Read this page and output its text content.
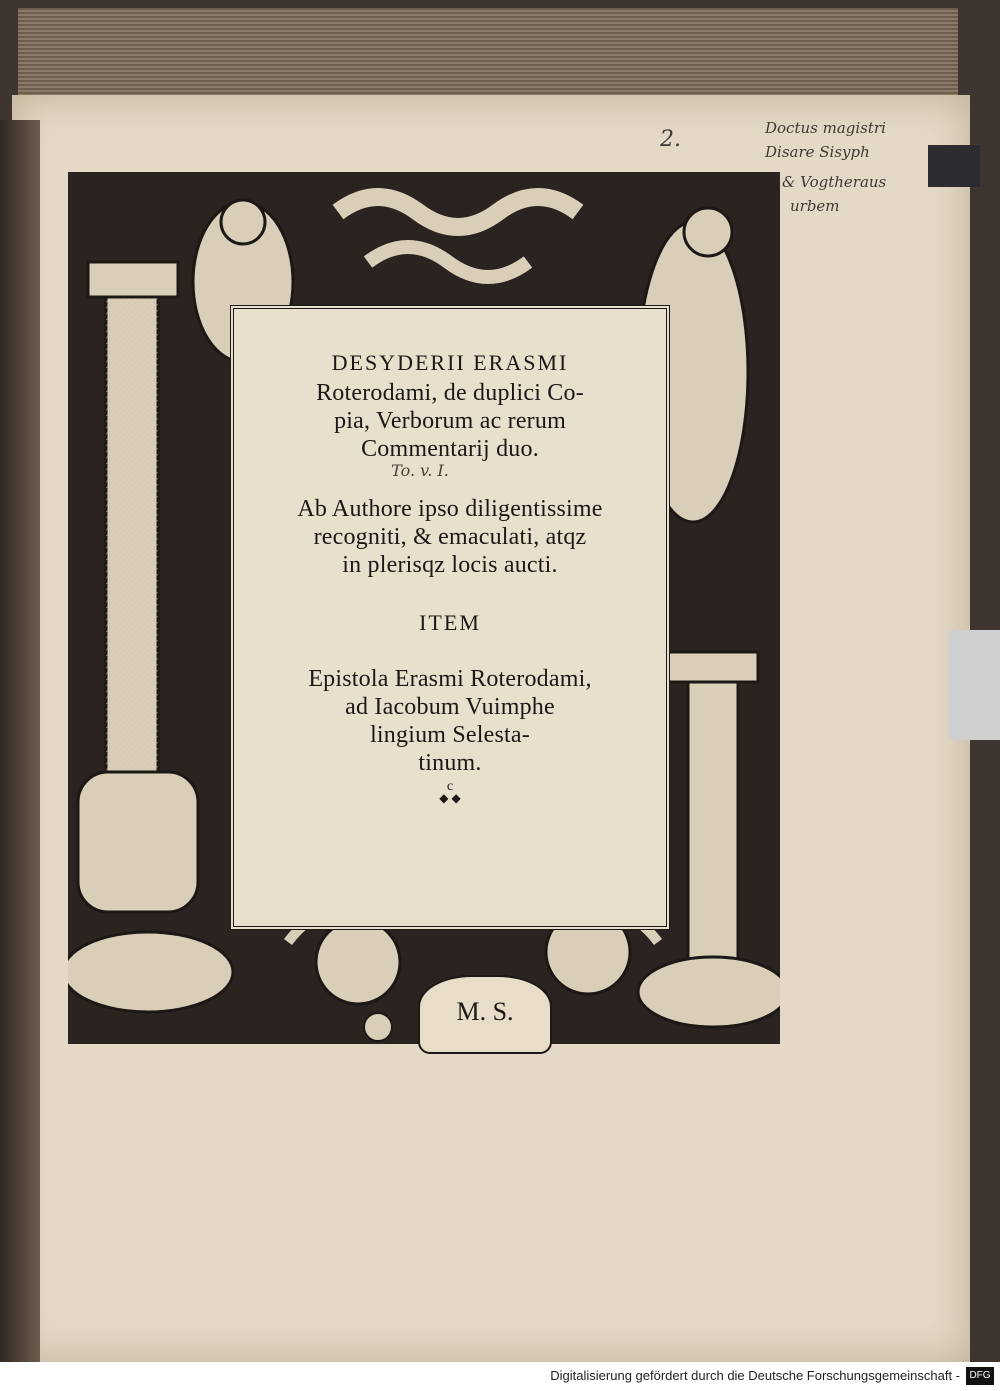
2.	Doctus magistri
Disare Sisyph
& Vogtheraus
urbem
DESYDERII ERASMI
Roterodami, de duplici Co-
pia, Verborum ac rerum
Commentarij duo.
To. v. I.
Ab Authore ipso diligentissime
recogniti, & emaculati, atqz
in plerisqz locis aucti.
ITEM
Epistola Erasmi Roterodami,
ad Iacobum Vuimphe
lingium Selesta-
tinum.
c
◆ ◆
M. S.
Digitalisierung gefördert durch die Deutsche Forschungsgemeinschaft - DFG
